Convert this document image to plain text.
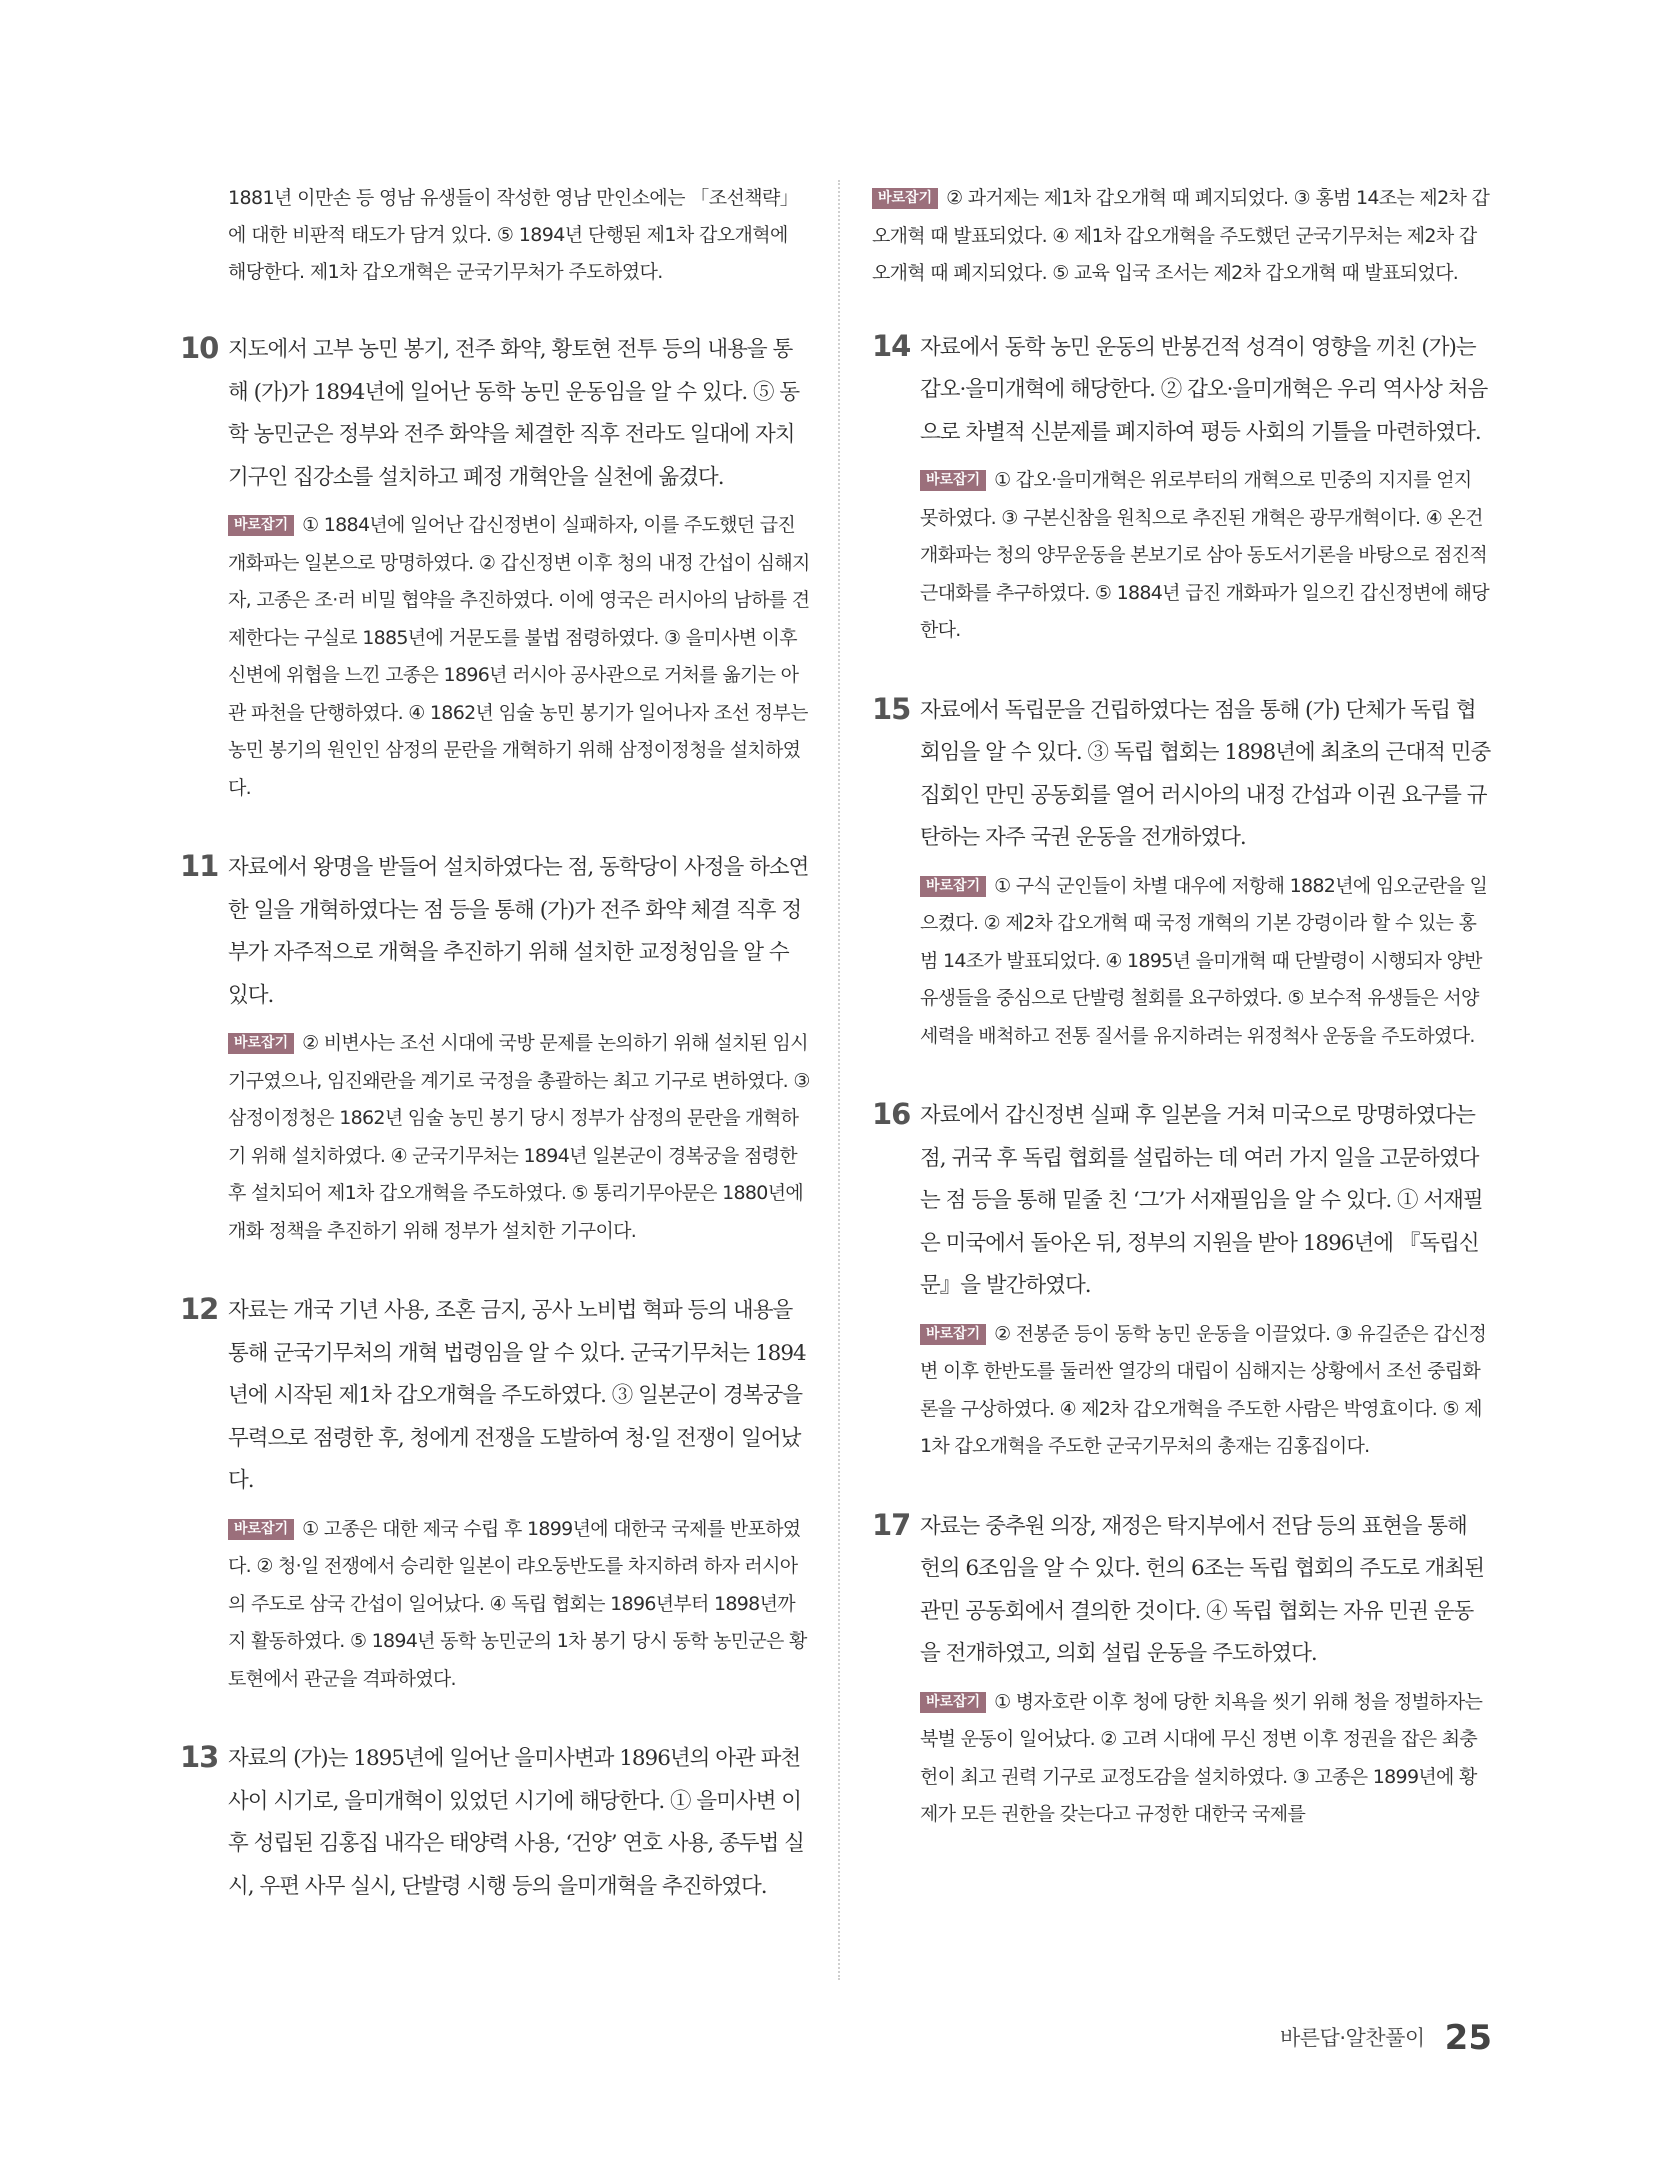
1881년 이만손 등 영남 유생들이 작성한 영남 만인소에는 「조선책략」에 대한 비판적 태도가 담겨 있다. ⑤ 1894년 단행된 제1차 갑오개혁에 해당한다. 제1차 갑오개혁은 군국기무처가 주도하였다.

10 지도에서 고부 농민 봉기, 전주 화약, 황토현 전투 등의 내용을 통해 (가)가 1894년에 일어난 동학 농민 운동임을 알 수 있다. ⑤ 동학 농민군은 정부와 전주 화약을 체결한 직후 전라도 일대에 자치 기구인 집강소를 설치하고 폐정 개혁안을 실천에 옮겼다.

바로잡기 ① 1884년에 일어난 갑신정변이 실패하자, 이를 주도했던 급진 개화파는 일본으로 망명하였다. ② 갑신정변 이후 청의 내정 간섭이 심해지자, 고종은 조·러 비밀 협약을 추진하였다. 이에 영국은 러시아의 남하를 견제한다는 구실로 1885년에 거문도를 불법 점령하였다. ③ 을미사변 이후 신변에 위협을 느낀 고종은 1896년 러시아 공사관으로 거처를 옮기는 아관 파천을 단행하였다. ④ 1862년 임술 농민 봉기가 일어나자 조선 정부는 농민 봉기의 원인인 삼정의 문란을 개혁하기 위해 삼정이정청을 설치하였다.

11 자료에서 왕명을 받들어 설치하였다는 점, 동학당이 사정을 하소연한 일을 개혁하였다는 점 등을 통해 (가)가 전주 화약 체결 직후 정부가 자주적으로 개혁을 추진하기 위해 설치한 교정청임을 알 수 있다.

바로잡기 ② 비변사는 조선 시대에 국방 문제를 논의하기 위해 설치된 임시 기구였으나, 임진왜란을 계기로 국정을 총괄하는 최고 기구로 변하였다. ③ 삼정이정청은 1862년 임술 농민 봉기 당시 정부가 삼정의 문란을 개혁하기 위해 설치하였다. ④ 군국기무처는 1894년 일본군이 경복궁을 점령한 후 설치되어 제1차 갑오개혁을 주도하였다. ⑤ 통리기무아문은 1880년에 개화 정책을 추진하기 위해 정부가 설치한 기구이다.

12 자료는 개국 기년 사용, 조혼 금지, 공사 노비법 혁파 등의 내용을 통해 군국기무처의 개혁 법령임을 알 수 있다. 군국기무처는 1894년에 시작된 제1차 갑오개혁을 주도하였다. ③ 일본군이 경복궁을 무력으로 점령한 후, 청에게 전쟁을 도발하여 청·일 전쟁이 일어났다.

바로잡기 ① 고종은 대한 제국 수립 후 1899년에 대한국 국제를 반포하였다. ② 청·일 전쟁에서 승리한 일본이 랴오둥반도를 차지하려 하자 러시아의 주도로 삼국 간섭이 일어났다. ④ 독립 협회는 1896년부터 1898년까지 활동하였다. ⑤ 1894년 동학 농민군의 1차 봉기 당시 동학 농민군은 황토현에서 관군을 격파하였다.

13 자료의 (가)는 1895년에 일어난 을미사변과 1896년의 아관 파천 사이 시기로, 을미개혁이 있었던 시기에 해당한다. ① 을미사변 이후 성립된 김홍집 내각은 태양력 사용, ‘건양’ 연호 사용, 종두법 실시, 우편 사무 실시, 단발령 시행 등의 을미개혁을 추진하였다.

바로잡기 ② 과거제는 제1차 갑오개혁 때 폐지되었다. ③ 홍범 14조는 제2차 갑오개혁 때 발표되었다. ④ 제1차 갑오개혁을 주도했던 군국기무처는 제2차 갑오개혁 때 폐지되었다. ⑤ 교육 입국 조서는 제2차 갑오개혁 때 발표되었다.

14 자료에서 동학 농민 운동의 반봉건적 성격이 영향을 끼친 (가)는 갑오·을미개혁에 해당한다. ② 갑오·을미개혁은 우리 역사상 처음으로 차별적 신분제를 폐지하여 평등 사회의 기틀을 마련하였다.

바로잡기 ① 갑오·을미개혁은 위로부터의 개혁으로 민중의 지지를 얻지 못하였다. ③ 구본신참을 원칙으로 추진된 개혁은 광무개혁이다. ④ 온건 개화파는 청의 양무운동을 본보기로 삼아 동도서기론을 바탕으로 점진적 근대화를 추구하였다. ⑤ 1884년 급진 개화파가 일으킨 갑신정변에 해당한다.

15 자료에서 독립문을 건립하였다는 점을 통해 (가) 단체가 독립 협회임을 알 수 있다. ③ 독립 협회는 1898년에 최초의 근대적 민중 집회인 만민 공동회를 열어 러시아의 내정 간섭과 이권 요구를 규탄하는 자주 국권 운동을 전개하였다.

바로잡기 ① 구식 군인들이 차별 대우에 저항해 1882년에 임오군란을 일으켰다. ② 제2차 갑오개혁 때 국정 개혁의 기본 강령이라 할 수 있는 홍범 14조가 발표되었다. ④ 1895년 을미개혁 때 단발령이 시행되자 양반 유생들을 중심으로 단발령 철회를 요구하였다. ⑤ 보수적 유생들은 서양 세력을 배척하고 전통 질서를 유지하려는 위정척사 운동을 주도하였다.

16 자료에서 갑신정변 실패 후 일본을 거쳐 미국으로 망명하였다는 점, 귀국 후 독립 협회를 설립하는 데 여러 가지 일을 고문하였다는 점 등을 통해 밑줄 친 ‘그’가 서재필임을 알 수 있다. ① 서재필은 미국에서 돌아온 뒤, 정부의 지원을 받아 1896년에 『독립신문』을 발간하였다.

바로잡기 ② 전봉준 등이 동학 농민 운동을 이끌었다. ③ 유길준은 갑신정변 이후 한반도를 둘러싼 열강의 대립이 심해지는 상황에서 조선 중립화론을 구상하였다. ④ 제2차 갑오개혁을 주도한 사람은 박영효이다. ⑤ 제1차 갑오개혁을 주도한 군국기무처의 총재는 김홍집이다.

17 자료는 중추원 의장, 재정은 탁지부에서 전담 등의 표현을 통해 헌의 6조임을 알 수 있다. 헌의 6조는 독립 협회의 주도로 개최된 관민 공동회에서 결의한 것이다. ④ 독립 협회는 자유 민권 운동을 전개하였고, 의회 설립 운동을 주도하였다.

바로잡기 ① 병자호란 이후 청에 당한 치욕을 씻기 위해 청을 정벌하자는 북벌 운동이 일어났다. ② 고려 시대에 무신 정변 이후 정권을 잡은 최충헌이 최고 권력 기구로 교정도감을 설치하였다. ③ 고종은 1899년에 황제가 모든 권한을 갖는다고 규정한 대한국 국제를

바른답·알찬풀이 25
